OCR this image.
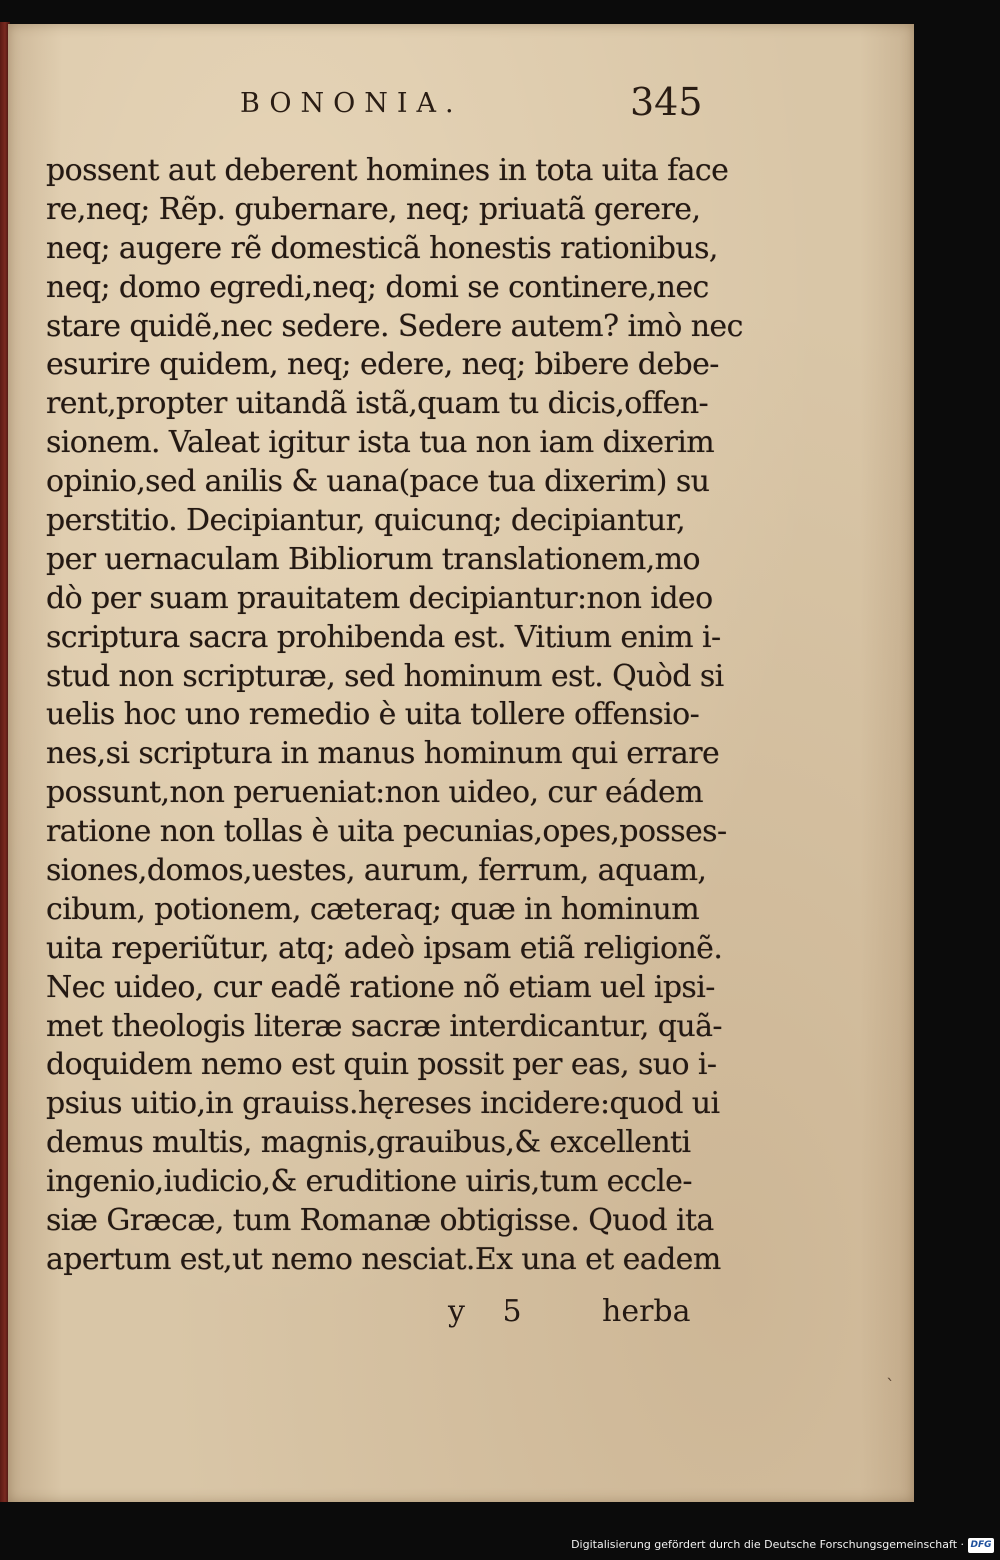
BONONIA.	345
possent aut deberent homines in tota uita face
re,neq; Rẽp. gubernare, neq; priuatã gerere,
neq; augere rẽ domesticã honestis rationibus,
neq; domo egredi,neq; domi se continere,nec
stare quidẽ,nec sedere. Sedere autem? imò nec
esurire quidem, neq; edere, neq; bibere debe-
rent,propter uitandã istã,quam tu dicis,offen-
sionem. Valeat igitur ista tua non iam dixerim
opinio,sed anilis & uana(pace tua dixerim) su
perstitio. Decipiantur, quicunq; decipiantur,
per uernaculam Bibliorum translationem,mo
dò per suam prauitatem decipiantur:non ideo
scriptura sacra prohibenda est. Vitium enim i-
stud non scripturæ, sed hominum est. Quòd si
uelis hoc uno remedio è uita tollere offensio-
nes,si scriptura in manus hominum qui errare
possunt,non perueniat:non uideo, cur eádem
ratione non tollas è uita pecunias,opes,posses-
siones,domos,uestes, aurum, ferrum, aquam,
cibum, potionem, cæteraq; quæ in hominum
uita reperiũtur, atq; adeò ipsam etiã religionẽ.
Nec uideo, cur eadẽ ratione nõ etiam uel ipsi-
met theologis literæ sacræ interdicantur, quã-
doquidem nemo est quin possit per eas, suo i-
psius uitio,in grauiss.hęreses incidere:quod ui
demus multis, magnis,grauibus,& excellenti
ingenio,iudicio,& eruditione uiris,tum eccle-
siæ Græcæ, tum Romanæ obtigisse. Quod ita
apertum est,ut nemo nesciat.Ex una et eadem
y 5 herba
ˋ
Digitalisierung gefördert durch die Deutsche Forschungsgemeinschaft · DFG
